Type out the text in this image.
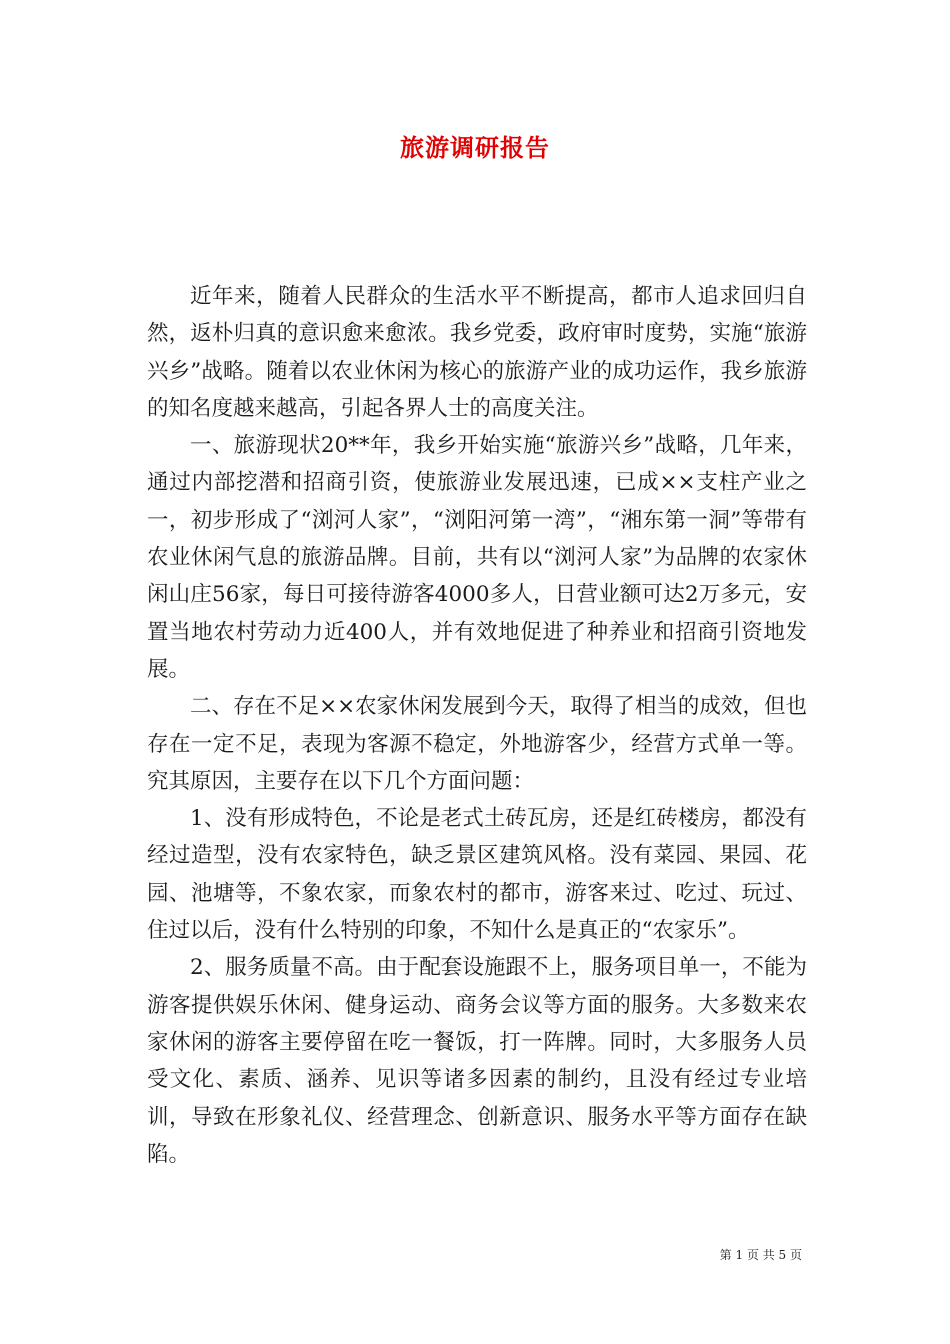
旅游调研报告

近年来，随着人民群众的生活水平不断提高，都市人追求回归自然，返朴归真的意识愈来愈浓。我乡党委，政府审时度势，实施“旅游兴乡”战略。随着以农业休闲为核心的旅游产业的成功运作，我乡旅游的知名度越来越高，引起各界人士的高度关注。

一、旅游现状20**年，我乡开始实施“旅游兴乡”战略，几年来，通过内部挖潜和招商引资，使旅游业发展迅速，已成××支柱产业之一，初步形成了“浏河人家”，“浏阳河第一湾”，“湘东第一洞”等带有农业休闲气息的旅游品牌。目前，共有以“浏河人家”为品牌的农家休闲山庄56家，每日可接待游客4000多人，日营业额可达2万多元，安置当地农村劳动力近400人，并有效地促进了种养业和招商引资地发展。

二、存在不足××农家休闲发展到今天，取得了相当的成效，但也存在一定不足，表现为客源不稳定，外地游客少，经营方式单一等。究其原因，主要存在以下几个方面问题：

1、没有形成特色，不论是老式土砖瓦房，还是红砖楼房，都没有经过造型，没有农家特色，缺乏景区建筑风格。没有菜园、果园、花园、池塘等，不象农家，而象农村的都市，游客来过、吃过、玩过、住过以后，没有什么特别的印象，不知什么是真正的“农家乐”。

2、服务质量不高。由于配套设施跟不上，服务项目单一，不能为游客提供娱乐休闲、健身运动、商务会议等方面的服务。大多数来农家休闲的游客主要停留在吃一餐饭，打一阵牌。同时，大多服务人员受文化、素质、涵养、见识等诸多因素的制约，且没有经过专业培训，导致在形象礼仪、经营理念、创新意识、服务水平等方面存在缺陷。

第 1 页 共 5 页
